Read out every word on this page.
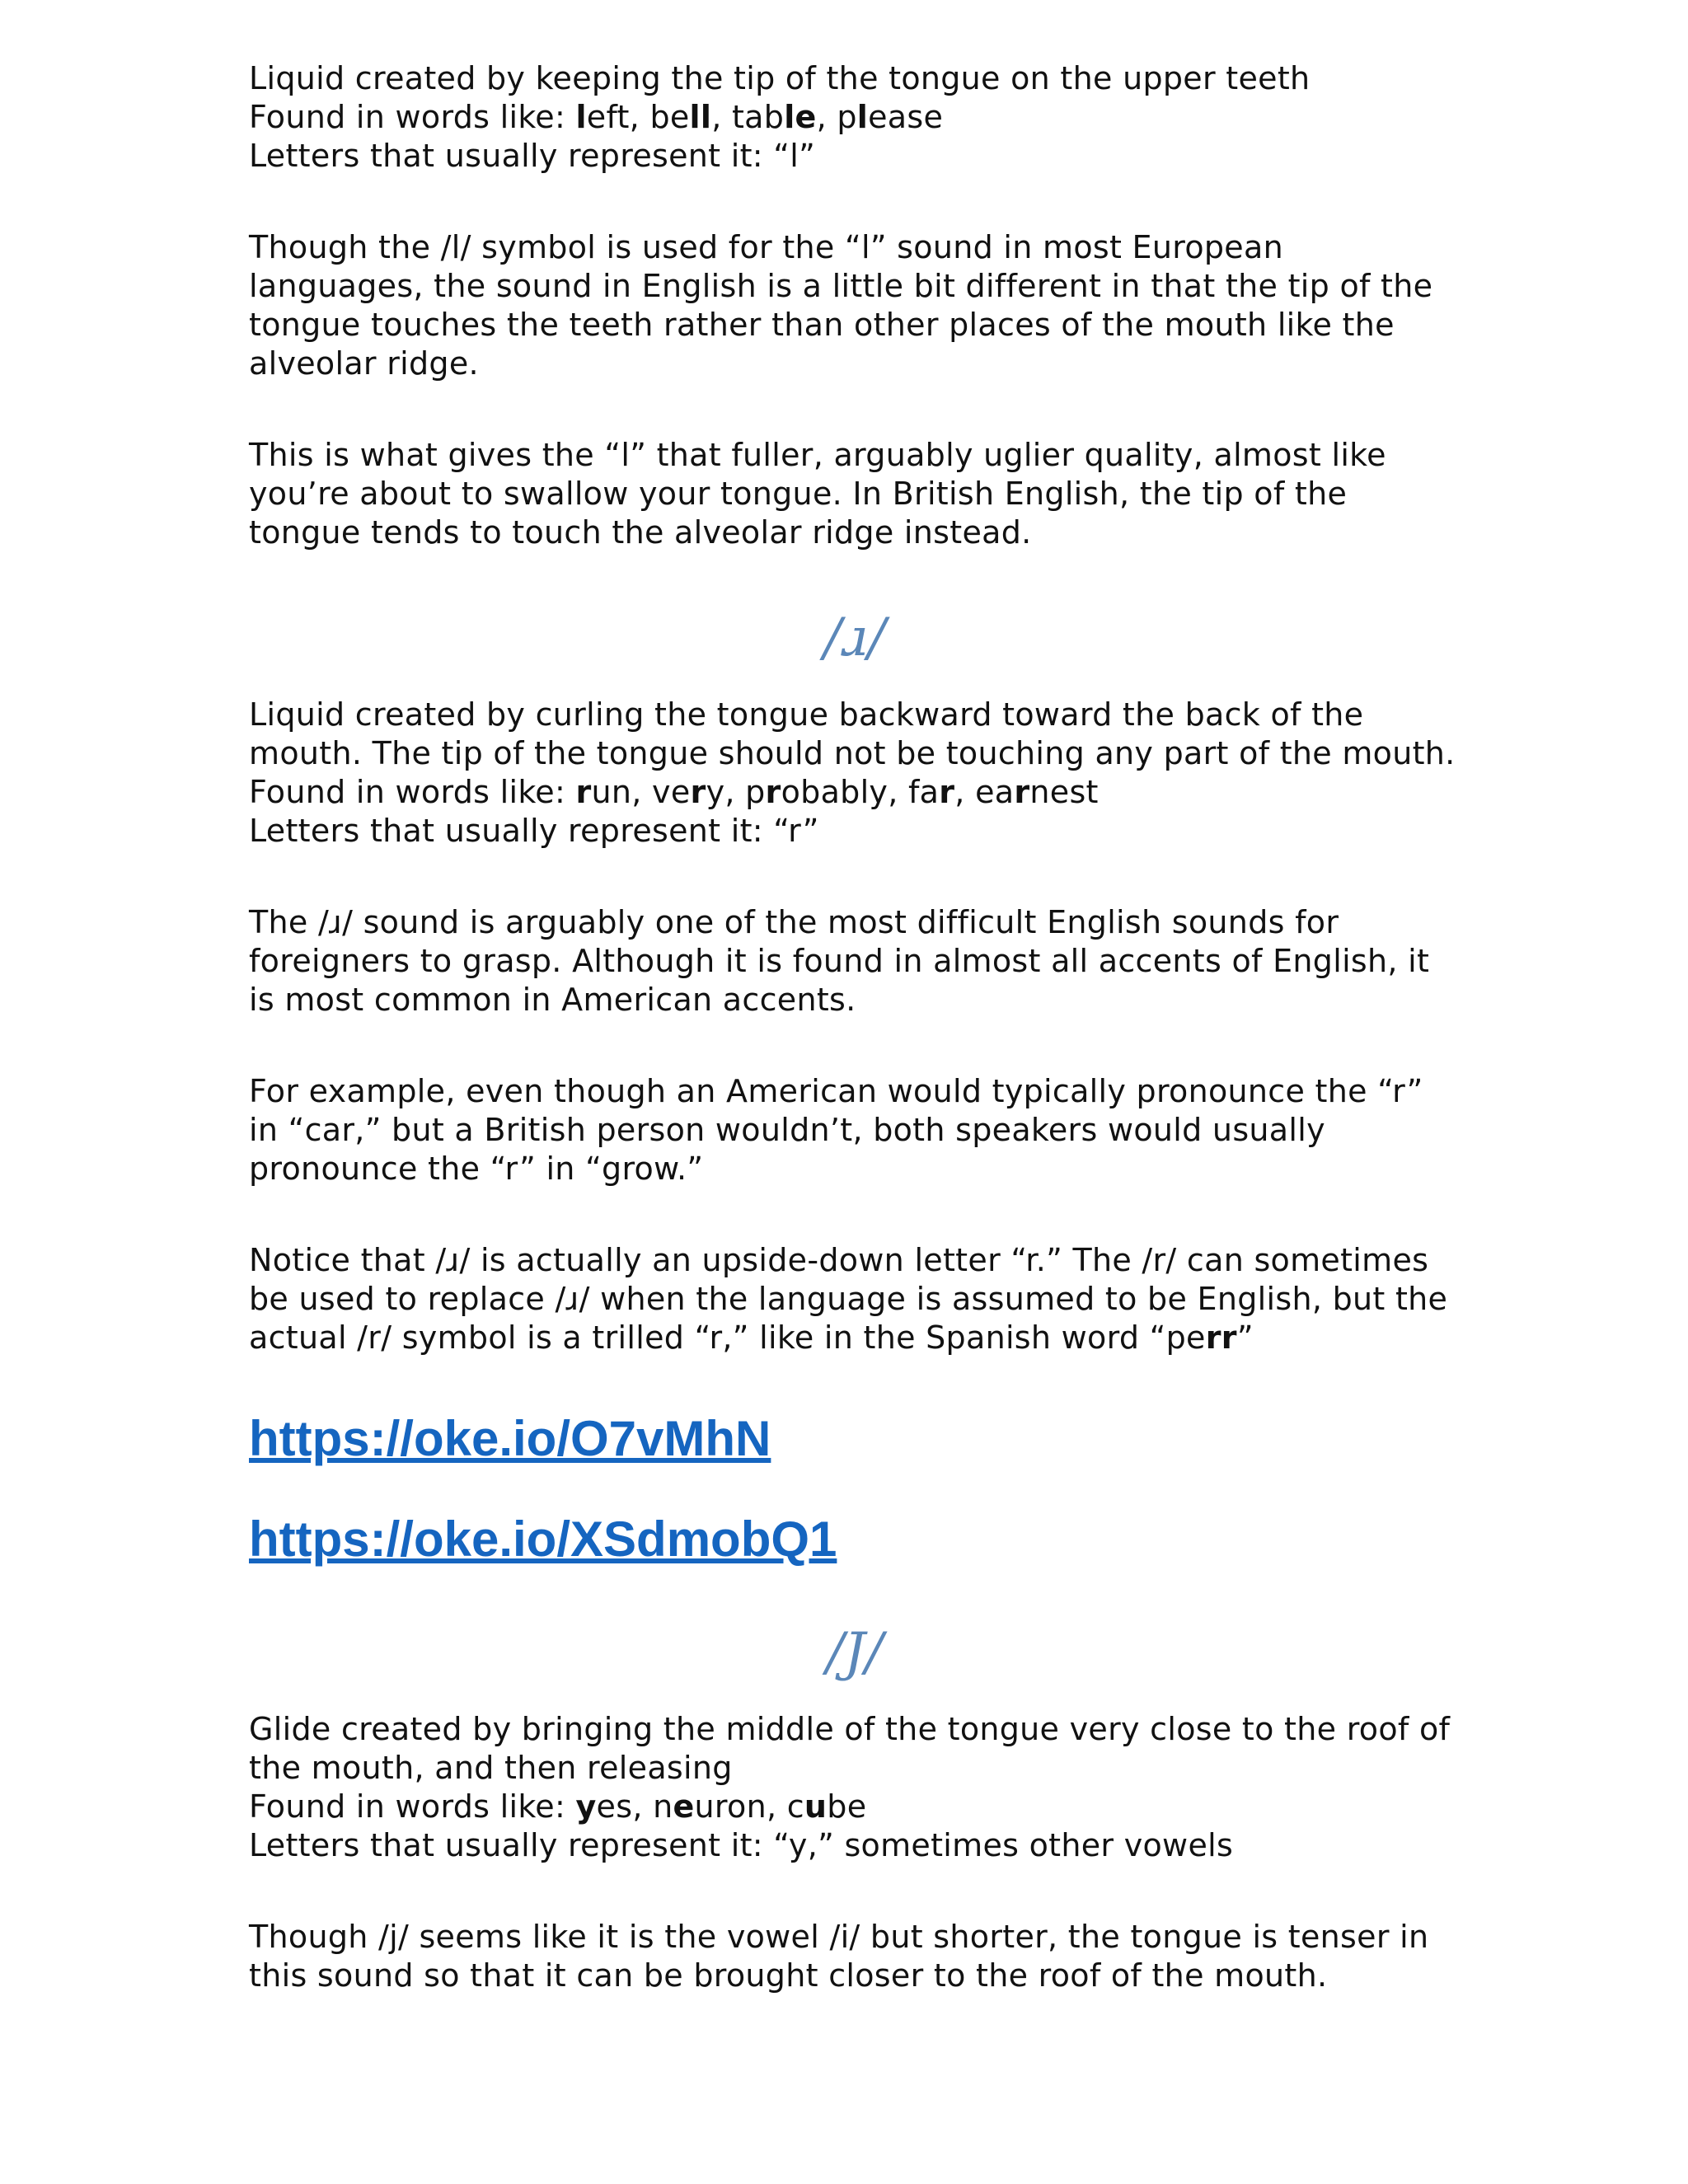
Liquid created by keeping the tip of the tongue on the upper teeth

Found in words like: left, bell, table, please

Letters that usually represent it: “l”

Though the /l/ symbol is used for the “l” sound in most European languages, the sound in English is a little bit different in that the tip of the tongue touches the teeth rather than other places of the mouth like the alveolar ridge.
This is what gives the “l” that fuller, arguably uglier quality, almost like you’re about to swallow your tongue. In British English, the tip of the tongue tends to touch the alveolar ridge instead.
/ɹ/

Liquid created by curling the tongue backward toward the back of the mouth. The tip of the tongue should not be touching any part of the mouth.

Found in words like: run, very, probably, far, earnest

Letters that usually represent it: “r”

The /ɹ/ sound is arguably one of the most difficult English sounds for foreigners to grasp. Although it is found in almost all accents of English, it is most common in American accents.
For example, even though an American would typically pronounce the “r” in “car,” but a British person wouldn’t, both speakers would usually pronounce the “r” in “grow.”
Notice that /ɹ/ is actually an upside-down letter “r.” The /r/ can sometimes be used to replace /ɹ/ when the language is assumed to be English, but the actual /r/ symbol is a trilled “r,” like in the Spanish word “perr”
https://oke.io/O7vMhN
https://oke.io/XSdmobQ1
/J/

Glide created by bringing the middle of the tongue very close to the roof of the mouth, and then releasing

Found in words like: yes, neuron, cube

Letters that usually represent it: “y,” sometimes other vowels

Though /j/ seems like it is the vowel /i/ but shorter, the tongue is tenser in this sound so that it can be brought closer to the roof of the mouth.
